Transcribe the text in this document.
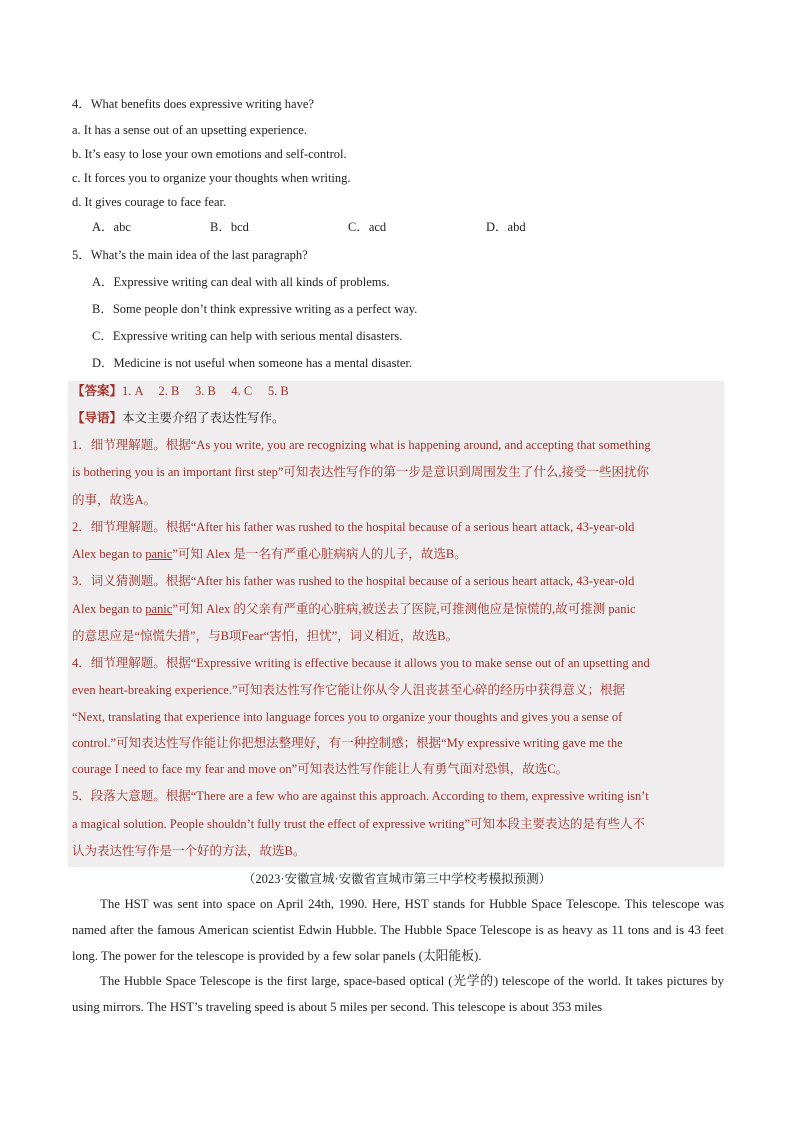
4．What benefits does expressive writing have?
a. It has a sense out of an upsetting experience.
b. It’s easy to lose your own emotions and self-control.
c. It forces you to organize your thoughts when writing.
d. It gives courage to face fear.
A．abc	B．bcd	C．acd	D．abd
5．What’s the main idea of the last paragraph?
A．Expressive writing can deal with all kinds of problems.
B．Some people don’t think expressive writing as a perfect way.
C．Expressive writing can help with serious mental disasters.
D．Medicine is not useful when someone has a mental disaster.
【答案】1. A　 2. B　 3. B　 4. C　 5. B
【导语】本文主要介绍了表达性写作。
1．细节理解题。根据“As you write, you are recognizing what is happening around, and accepting that something
is bothering you is an important first step”可知表达性写作的第一步是意识到周围发生了什么,接受一些困扰你
的事，故选A。
2．细节理解题。根据“After his father was rushed to the hospital because of a serious heart attack, 43-year-old
Alex began to panic”可知 Alex 是一名有严重心脏病病人的儿子，故选B。
3．词义猜测题。根据“After his father was rushed to the hospital because of a serious heart attack, 43-year-old
Alex began to panic”可知 Alex 的父亲有严重的心脏病,被送去了医院,可推测他应是惊慌的,故可推测 panic
的意思应是“惊慌失措”，与B项Fear“害怕，担忧”，词义相近，故选B。
4．细节理解题。根据“Expressive writing is effective because it allows you to make sense out of an upsetting and
even heart-breaking experience.”可知表达性写作它能让你从令人沮丧甚至心碎的经历中获得意义；根据
“Next, translating that experience into language forces you to organize your thoughts and gives you a sense of
control.”可知表达性写作能让你把想法整理好，有一种控制感；根据“My expressive writing gave me the
courage I need to face my fear and move on”可知表达性写作能让人有勇气面对恐惧，故选C。
5．段落大意题。根据“There are a few who are against this approach. According to them, expressive writing isn’t
a magical solution. People shouldn’t fully trust the effect of expressive writing”可知本段主要表达的是有些人不
认为表达性写作是一个好的方法，故选B。
（2023·安徽宣城·安徽省宣城市第三中学校考模拟预测）
The HST was sent into space on April 24th, 1990. Here, HST stands for Hubble Space Telescope. This telescope was named after the famous American scientist Edwin Hubble. The Hubble Space Telescope is as heavy as 11 tons and is 43 feet long. The power for the telescope is provided by a few solar panels (太阳能板).
The Hubble Space Telescope is the first large, space-based optical (光学的) telescope of the world. It takes pictures by using mirrors. The HST’s traveling speed is about 5 miles per second. This telescope is about 353 miles
